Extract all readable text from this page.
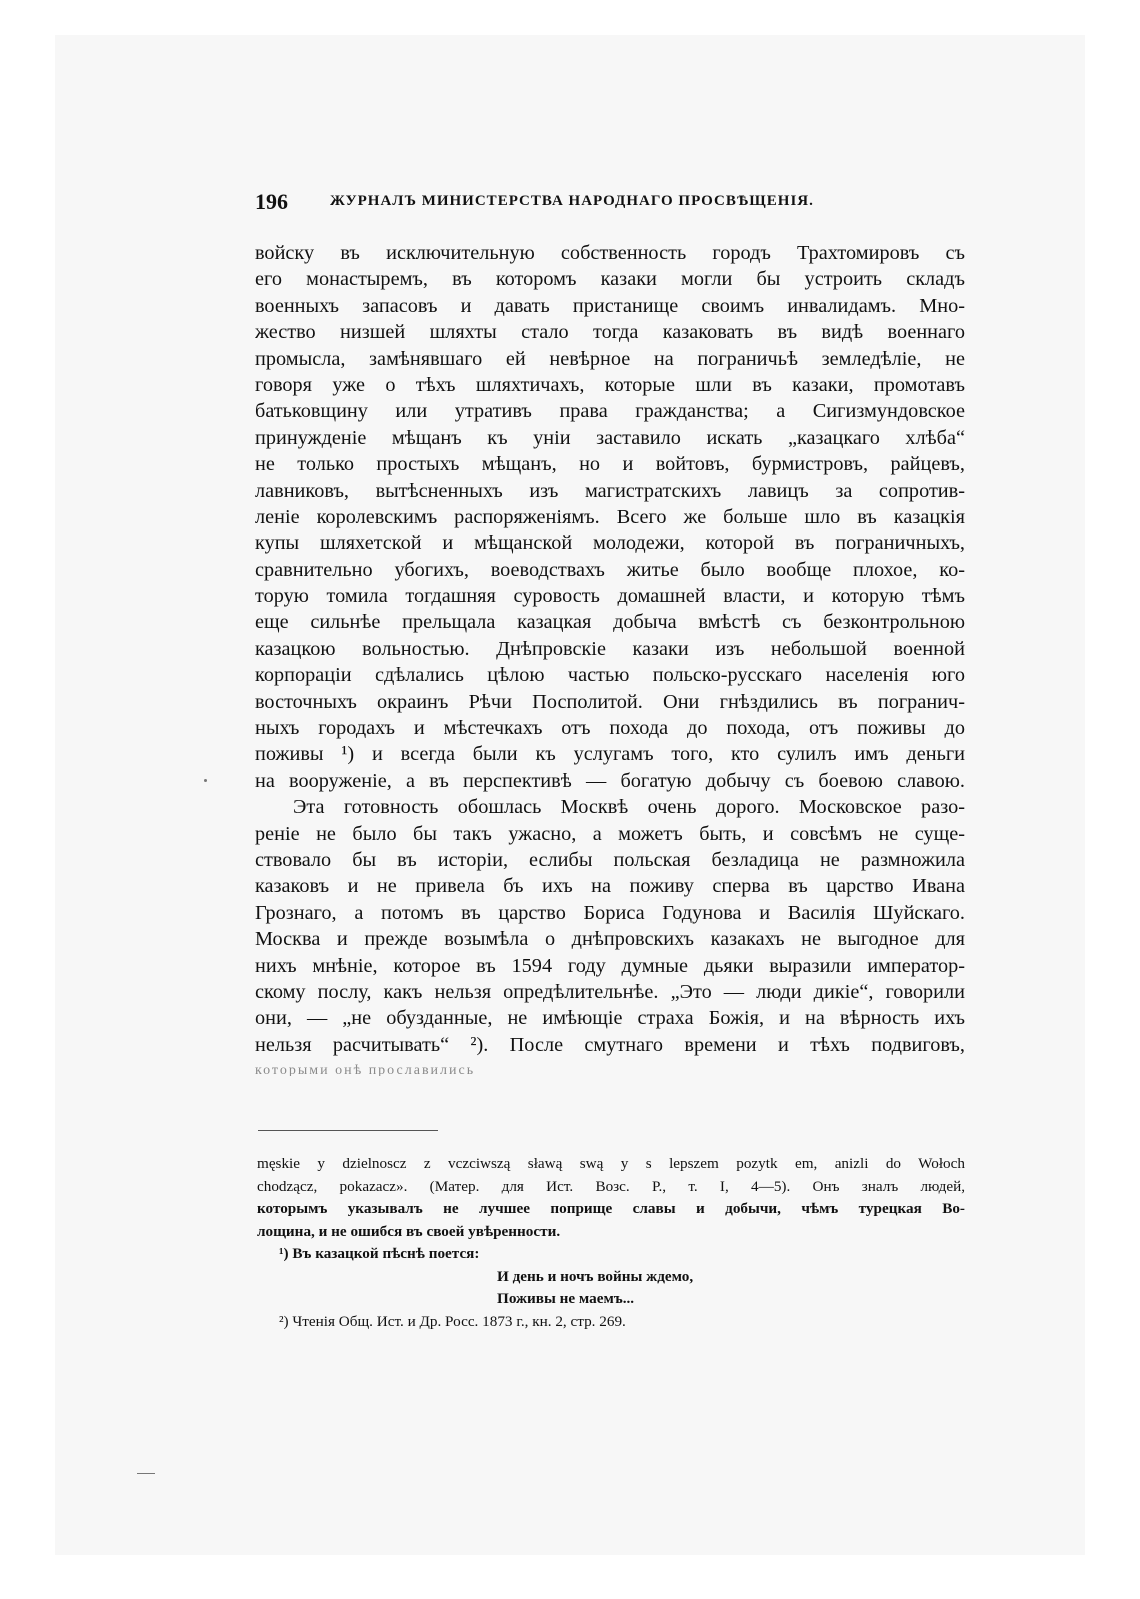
196	ЖУРНАЛЪ МИНИСТЕРСТВА НАРОДНАГО ПРОСВѢЩЕНІЯ.
войску въ исключительную собственность городъ Трахтомировъ съ
его монастыремъ, въ которомъ казаки могли бы устроить складъ
военныхъ запасовъ и давать пристанище своимъ инвалидамъ. Мно-
жество низшей шляхты стало тогда казаковать въ видѣ военнаго
промысла, замѣнявшаго ей невѣрное на пограничьѣ земледѣліе, не
говоря уже о тѣхъ шляхтичахъ, которые шли въ казаки, промотавъ
батьковщину или утративъ права гражданства; а Сигизмундовское
принужденіе мѣщанъ къ уніи заставило искать „казацкаго хлѣба“
не только простыхъ мѣщанъ, но и войтовъ, бурмистровъ, райцевъ,
лавниковъ, вытѣсненныхъ изъ магистратскихъ лавицъ за сопротив-
леніе королевскимъ распоряженіямъ. Всего же больше шло въ казацкія
купы шляхетской и мѣщанской молодежи, которой въ пограничныхъ,
сравнительно убогихъ, воеводствахъ житье было вообще плохое, ко-
торую томила тогдашняя суровость домашней власти, и которую тѣмъ
еще сильнѣе прельщала казацкая добыча вмѣстѣ съ безконтрольною
казацкою вольностью. Днѣпровскіе казаки изъ небольшой военной
корпораціи сдѣлались цѣлою частью польско-русскаго населенія юго
восточныхъ окраинъ Рѣчи Посполитой. Они гнѣздились въ погранич-
ныхъ городахъ и мѣстечкахъ отъ похода до похода, отъ поживы до
поживы ¹) и всегда были къ услугамъ того, кто сулилъ имъ деньги
на вооруженіе, а въ перспективѣ — богатую добычу съ боевою славою.
Эта готовность обошлась Москвѣ очень дорого. Московское разо-
реніе не было бы такъ ужасно, а можетъ быть, и совсѣмъ не суще-
ствовало бы въ исторіи, еслибы польская безладица не размножила
казаковъ и не привела бъ ихъ на поживу сперва въ царство Ивана
Грознаго, а потомъ въ царство Бориса Годунова и Василія Шуйскаго.
Москва и прежде возымѣла о днѣпровскихъ казакахъ не выгодное для
нихъ мнѣніе, которое въ 1594 году думные дьяки выразили император-
скому послу, какъ нельзя опредѣлительнѣе. „Это — люди дикіе“, говорили
они, — „не обузданные, не имѣющіе страха Божія, и на вѣрность ихъ
нельзя расчитывать“ ²). После смутнаго времени и тѣхъ подвиговъ,
которыми онѣ прославились
męskie y dzielnoscz z vczciwszą sławą swą y s lepszem pozytk em, anizli do Wołoch
chodzącz, pokazacz». (Матер. для Ист. Возс. Р., т. I, 4—5). Онъ зналъ людей,
которымъ указывалъ не лучшее поприще славы и добычи, чѣмъ турецкая Во-
лощина, и не ошибся въ своей увѣренности.
¹) Въ казацкой пѣснѣ поется:
И день и ночъ войны ждемо,
Поживы не маемъ...
²) Чтенія Общ. Ист. и Др. Росс. 1873 г., кн. 2, стр. 269.
